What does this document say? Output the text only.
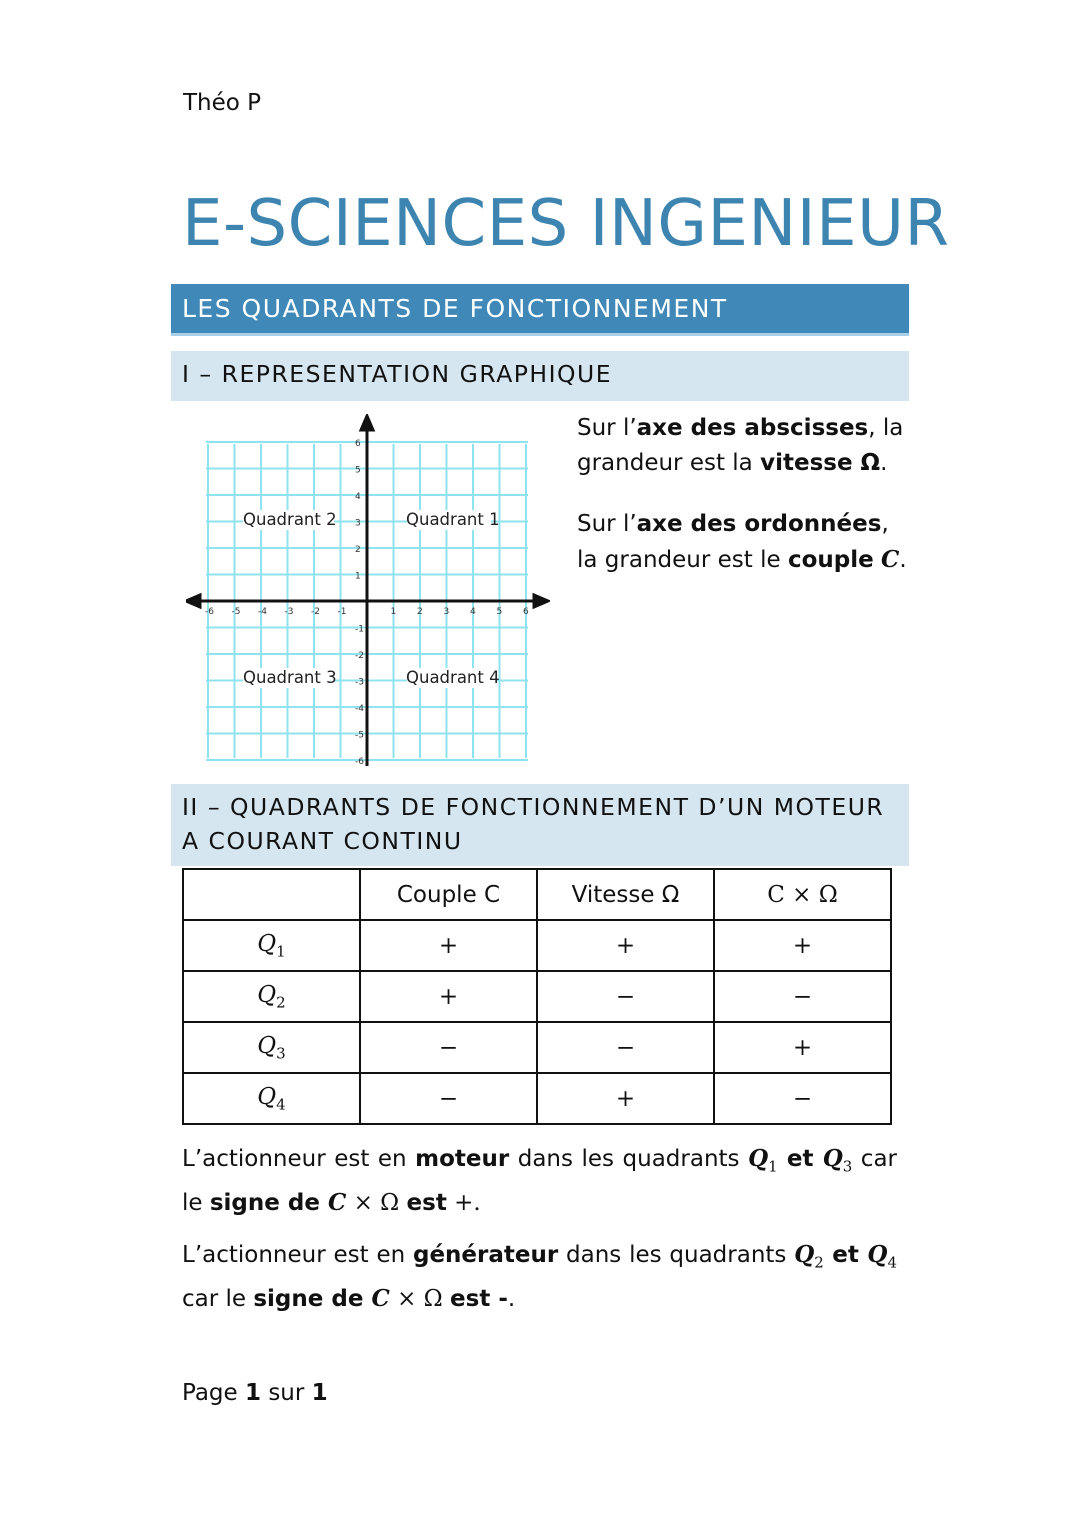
Théo P
E-SCIENCES INGENIEUR
LES QUADRANTS DE FONCTIONNEMENT
I – REPRESENTATION GRAPHIQUE
-6 -5 -4 -3 -2 -1	1 2 3 4 5 6
6
5
4
3
2
1
-1
-2
-3
-4
-5
-6
Quadrant 1
Quadrant 2
Quadrant 3	Quadrant 4
Sur l’axe des abscisses, la grandeur est la vitesse Ω.
Sur l’axe des ordonnées, la grandeur est le couple C.
II – QUADRANTS DE FONCTIONNEMENT D’UN MOTEUR A COURANT CONTINU
	Couple C	Vitesse Ω	C × Ω
$Q_1$	+	+	+
$Q_2$	+	−	−
$Q_3$	−	−	+
$Q_4$	−	+	−
L’actionneur est en moteur dans les quadrants $Q_1$ et $Q_3$ car le signe de C × Ω est +.
L’actionneur est en générateur dans les quadrants $Q_2$ et $Q_4$ car le signe de C × Ω est -.
Page 1 sur 1
